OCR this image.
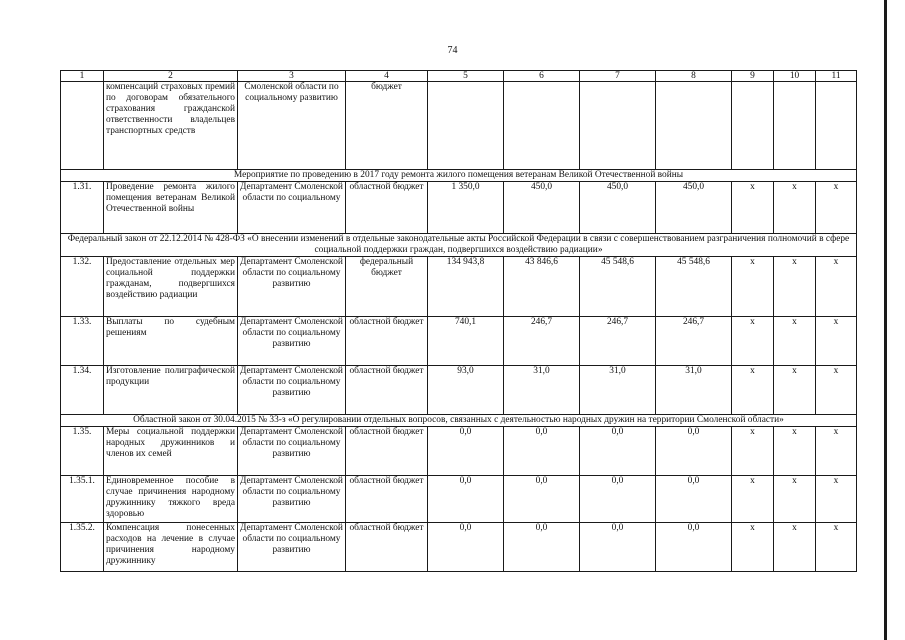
74
1	2	3	4	5	6	7	8	9	10	11
	компенсаций страховых премий по договорам обязательного страхования гражданской ответственности владельцев транспортных средств	Смоленской области по социальному развитию	бюджет							
Мероприятие по проведению в 2017 году ремонта жилого помещения ветеранам Великой Отечественной войны										
1.31.	Проведение ремонта жилого помещения ветеранам Великой Отечественной войны	Департамент Смоленской области по социальному	областной бюджет	1 350,0	450,0	450,0	450,0	х	х	х
Федеральный закон от 22.12.2014 № 428-ФЗ «О внесении изменений в отдельные законодательные акты Российской Федерации в связи с совершенствованием разграничения полномочий в сфере социальной поддержки граждан, подвергшихся воздействию радиации»										
1.32.	Предоставление отдельных мер социальной поддержки гражданам, подвергшихся воздействию радиации	Департамент Смоленской области по социальному развитию	федеральный бюджет	134 943,8	43 846,6	45 548,6	45 548,6	х	х	х
1.33.	Выплаты по судебным решениям	Департамент Смоленской области по социальному развитию	областной бюджет	740,1	246,7	246,7	246,7	х	х	х
1.34.	Изготовление полиграфической продукции	Департамент Смоленской области по социальному развитию	областной бюджет	93,0	31,0	31,0	31,0	х	х	х
Областной закон от 30.04.2015 № 33-з «О регулировании отдельных вопросов, связанных с деятельностью народных дружин на территории Смоленской области»										
1.35.	Меры социальной поддержки народных дружинников и членов их семей	Департамент Смоленской области по социальному развитию	областной бюджет	0,0	0,0	0,0	0,0	х	х	х
1.35.1.	Единовременное пособие в случае причинения народному дружиннику тяжкого вреда здоровью	Департамент Смоленской области по социальному развитию	областной бюджет	0,0	0,0	0,0	0,0	х	х	х
1.35.2.	Компенсация понесенных расходов на лечение в случае причинения народному дружиннику	Департамент Смоленской области по социальному развитию	областной бюджет	0,0	0,0	0,0	0,0	х	х	х
